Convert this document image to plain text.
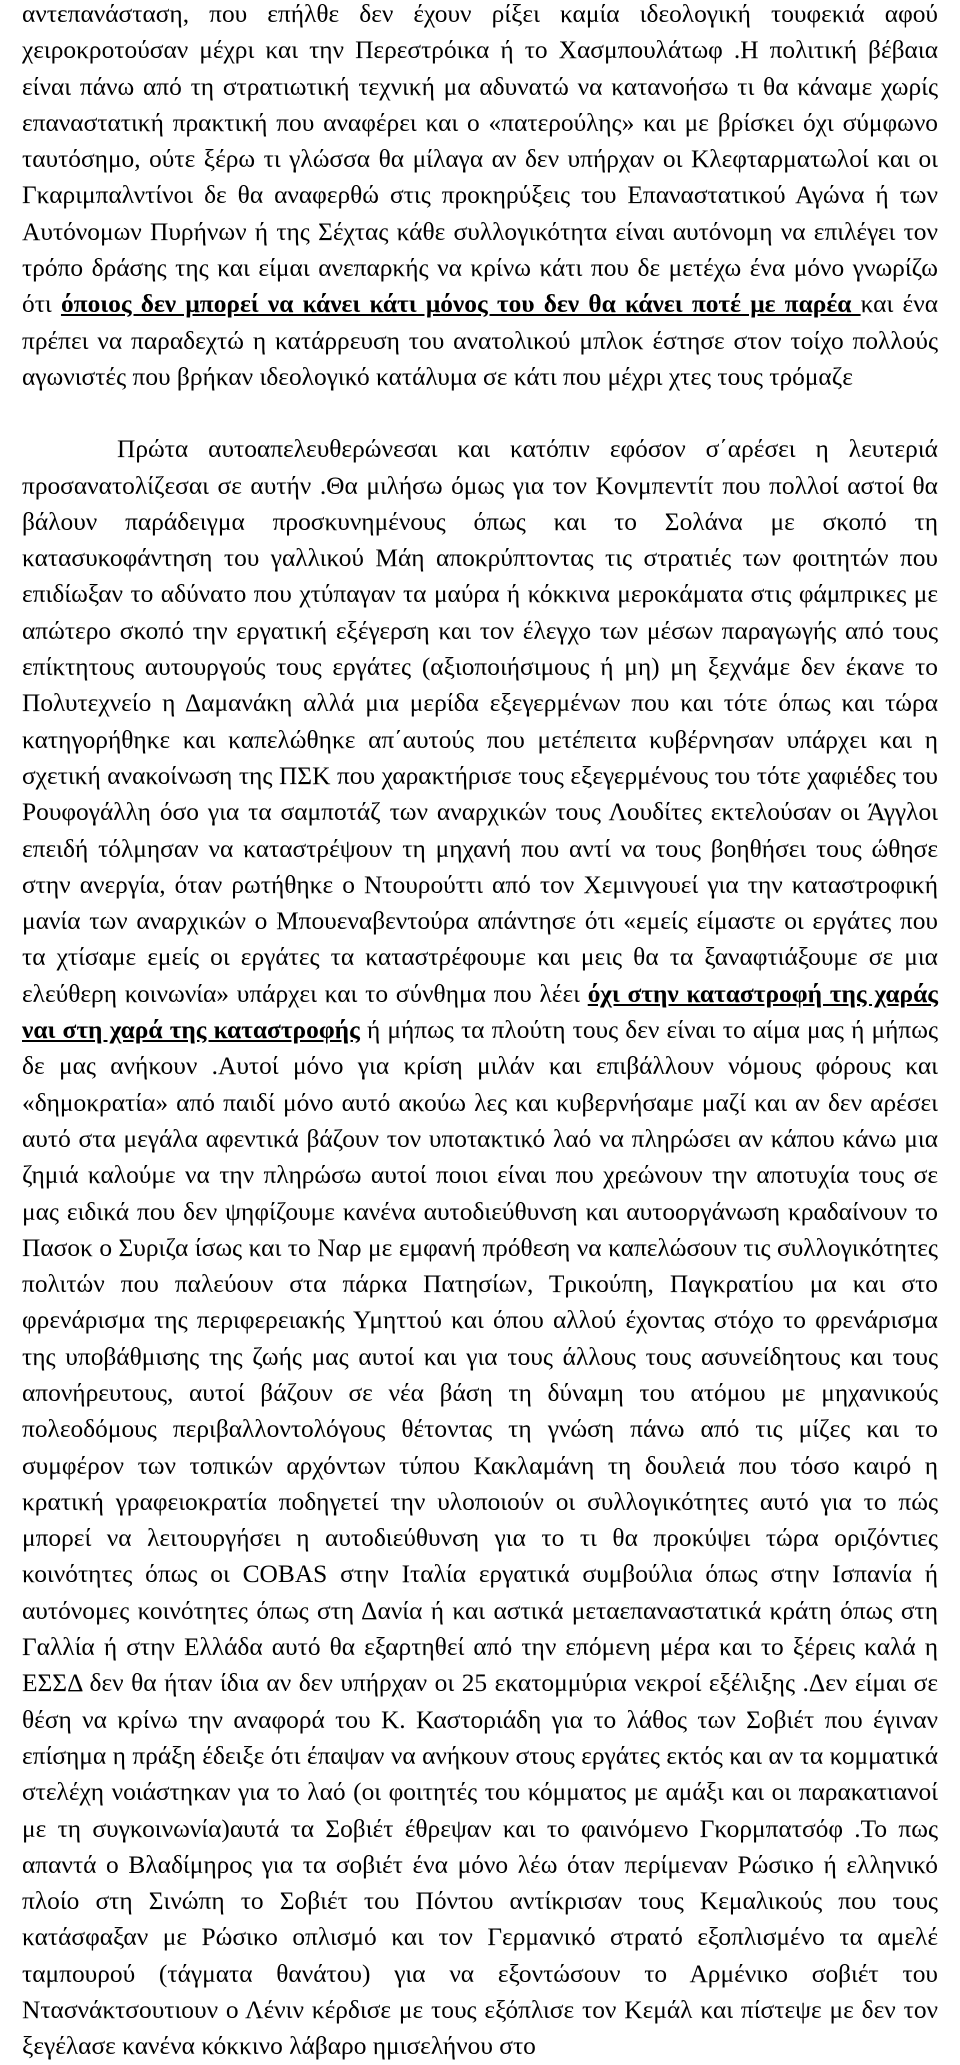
αντεπανάσταση, που επήλθε δεν έχουν ρίξει καμία ιδεολογική τουφεκιά αφού χειροκροτούσαν μέχρι και την Περεστρόικα ή το Χασμπουλάτωφ .Η πολιτική βέβαια είναι πάνω από τη στρατιωτική τεχνική μα αδυνατώ να κατανοήσω τι θα κάναμε χωρίς επαναστατική πρακτική που αναφέρει και ο «πατερούλης» και με βρίσκει όχι σύμφωνο ταυτόσημο, ούτε ξέρω τι γλώσσα θα μίλαγα αν δεν υπήρχαν οι Κλεφταρματωλοί και οι Γκαριμπαλντίνοι δε θα αναφερθώ στις προκηρύξεις του Επαναστατικού Αγώνα ή των Αυτόνομων Πυρήνων ή της Σέχτας κάθε συλλογικότητα είναι αυτόνομη να επιλέγει τον τρόπο δράσης της και είμαι ανεπαρκής να κρίνω κάτι που δε μετέχω ένα μόνο γνωρίζω ότι όποιος δεν μπορεί να κάνει κάτι μόνος του δεν θα κάνει ποτέ με παρέα και ένα πρέπει να παραδεχτώ η κατάρρευση του ανατολικού μπλοκ έστησε στον τοίχο πολλούς αγωνιστές που βρήκαν ιδεολογικό κατάλυμα σε κάτι που μέχρι χτες τους τρόμαζε

Πρώτα αυτοαπελευθερώνεσαι και κατόπιν εφόσον σ΄αρέσει η λευτεριά προσανατολίζεσαι σε αυτήν .Θα μιλήσω όμως για τον Κονμπεντίτ που πολλοί αστοί θα βάλουν παράδειγμα προσκυνημένους όπως και το Σολάνα με σκοπό τη κατασυκοφάντηση του γαλλικού Μάη αποκρύπτοντας τις στρατιές των φοιτητών που επιδίωξαν το αδύνατο που χτύπαγαν τα μαύρα ή κόκκινα μεροκάματα στις φάμπρικες με απώτερο σκοπό την εργατική εξέγερση και τον έλεγχο των μέσων παραγωγής από τους επίκτητους αυτουργούς τους εργάτες (αξιοποιήσιμους ή μη) μη ξεχνάμε δεν έκανε το Πολυτεχνείο η Δαμανάκη αλλά μια μερίδα εξεγερμένων που και τότε όπως και τώρα κατηγορήθηκε και καπελώθηκε απ΄αυτούς που μετέπειτα κυβέρνησαν υπάρχει και η σχετική ανακοίνωση της ΠΣΚ που χαρακτήρισε τους εξεγερμένους του τότε χαφιέδες του Ρουφογάλλη όσο για τα σαμποτάζ των αναρχικών τους Λουδίτες εκτελούσαν οι Άγγλοι επειδή τόλμησαν να καταστρέψουν τη μηχανή που αντί να τους βοηθήσει τους ώθησε στην ανεργία, όταν ρωτήθηκε ο Ντουρούττι από τον Χεμινγουεί για την καταστροφική μανία των αναρχικών ο Μπουεναβεντούρα απάντησε ότι «εμείς είμαστε οι εργάτες που τα χτίσαμε εμείς οι εργάτες τα καταστρέφουμε και μεις θα τα ξαναφτιάξουμε σε μια ελεύθερη κοινωνία» υπάρχει και το σύνθημα που λέει όχι στην καταστροφή της χαράς ναι στη χαρά της καταστροφής ή μήπως τα πλούτη τους δεν είναι το αίμα μας ή μήπως δε μας ανήκουν .Αυτοί μόνο για κρίση μιλάν και επιβάλλουν νόμους φόρους και «δημοκρατία» από παιδί μόνο αυτό ακούω λες και κυβερνήσαμε μαζί και αν δεν αρέσει αυτό στα μεγάλα αφεντικά βάζουν τον υποτακτικό λαό να πληρώσει αν κάπου κάνω μια ζημιά καλούμε να την πληρώσω αυτοί ποιοι είναι που χρεώνουν την αποτυχία τους σε μας ειδικά που δεν ψηφίζουμε κανένα αυτοδιεύθυνση και αυτοοργάνωση κραδαίνουν το Πασοκ ο Συριζα ίσως και το Ναρ με εμφανή πρόθεση να καπελώσουν τις συλλογικότητες πολιτών που παλεύουν στα πάρκα Πατησίων, Τρικούπη, Παγκρατίου μα και στο φρενάρισμα της περιφερειακής Υμηττού και όπου αλλού έχοντας στόχο το φρενάρισμα της υποβάθμισης της ζωής μας αυτοί και για τους άλλους τους ασυνείδητους και τους απονήρευτους, αυτοί βάζουν σε νέα βάση τη δύναμη του ατόμου με μηχανικούς πολεοδόμους περιβαλλοντολόγους θέτοντας τη γνώση πάνω από τις μίζες και το συμφέρον των τοπικών αρχόντων τύπου Κακλαμάνη τη δουλειά που τόσο καιρό η κρατική γραφειοκρατία ποδηγετεί την υλοποιούν οι συλλογικότητες αυτό για το πώς μπορεί να λειτουργήσει η αυτοδιεύθυνση για το τι θα προκύψει τώρα οριζόντιες κοινότητες όπως οι COBAS στην Ιταλία εργατικά συμβούλια όπως στην Ισπανία ή αυτόνομες κοινότητες όπως στη Δανία ή και αστικά μεταεπαναστατικά κράτη όπως στη Γαλλία ή στην Ελλάδα αυτό θα εξαρτηθεί από την επόμενη μέρα και το ξέρεις καλά η ΕΣΣΔ δεν θα ήταν ίδια αν δεν υπήρχαν οι 25 εκατομμύρια νεκροί εξέλιξης .Δεν είμαι σε θέση να κρίνω την αναφορά του Κ. Καστοριάδη για το λάθος των Σοβιέτ που έγιναν επίσημα η πράξη έδειξε ότι έπαψαν να ανήκουν στους εργάτες εκτός και αν τα κομματικά στελέχη νοιάστηκαν για το λαό (οι φοιτητές του κόμματος με αμάξι και οι παρακατιανοί με τη συγκοινωνία)αυτά τα Σοβιέτ έθρεψαν και το φαινόμενο Γκορμπατσόφ .Το πως απαντά ο Βλαδίμηρος για τα σοβιέτ ένα μόνο λέω όταν περίμεναν Ρώσικο ή ελληνικό πλοίο στη Σινώπη το Σοβιέτ του Πόντου αντίκρισαν τους Κεμαλικούς που τους κατάσφαξαν με Ρώσικο οπλισμό και τον Γερμανικό στρατό εξοπλισμένο τα αμελέ ταμπουρού (τάγματα θανάτου) για να εξοντώσουν το Αρμένικο σοβιέτ του Ντασνάκτσουτιουν ο Λένιν κέρδισε με τους εξόπλισε τον Κεμάλ και πίστεψε με δεν τον ξεγέλασε κανένα κόκκινο λάβαρο ημισελήνου στο
